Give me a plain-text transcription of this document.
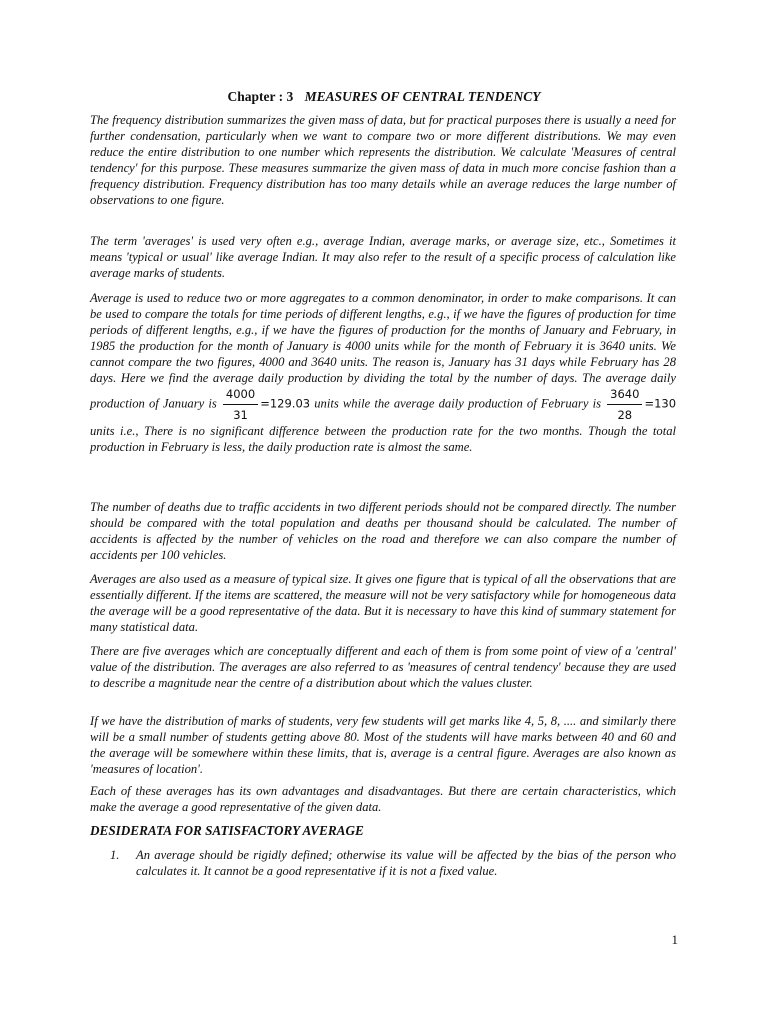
Chapter : 3 MEASURES OF CENTRAL TENDENCY

The frequency distribution summarizes the given mass of data, but for practical purposes there is usually a need for further condensation, particularly when we want to compare two or more different distributions. We may even reduce the entire distribution to one number which represents the distribution. We calculate 'Measures of central tendency' for this purpose. These measures summarize the given mass of data in much more concise fashion than a frequency distribution. Frequency distribution has too many details while an average reduces the large number of observations to one figure.

The term 'averages' is used very often e.g., average Indian, average marks, or average size, etc., Sometimes it means 'typical or usual' like average Indian. It may also refer to the result of a specific process of calculation like average marks of students.

Average is used to reduce two or more aggregates to a common denominator, in order to make comparisons. It can be used to compare the totals for time periods of different lengths, e.g., if we have the figures of production for time periods of different lengths, e.g., if we have the figures of production for the months of January and February, in 1985 the production for the month of January is 4000 units while for the month of February it is 3640 units. We cannot compare the two figures, 4000 and 3640 units. The reason is, January has 31 days while February has 28 days. Here we find the average daily production by dividing the total by the number of days. The average daily production of January is $\frac{4000}{31} =129.03$ units while the average daily production of February is $\frac{3640}{28} =130$ units i.e., There is no significant difference between the production rate for the two months. Though the total production in February is less, the daily production rate is almost the same.

The number of deaths due to traffic accidents in two different periods should not be compared directly. The number should be compared with the total population and deaths per thousand should be calculated. The number of accidents is affected by the number of vehicles on the road and therefore we can also compare the number of accidents per 100 vehicles.

Averages are also used as a measure of typical size. It gives one figure that is typical of all the observations that are essentially different. If the items are scattered, the measure will not be very satisfactory while for homogeneous data the average will be a good representative of the data. But it is necessary to have this kind of summary statement for many statistical data.

There are five averages which are conceptually different and each of them is from some point of view of a 'central' value of the distribution. The averages are also referred to as 'measures of central tendency' because they are used to describe a magnitude near the centre of a distribution about which the values cluster.

If we have the distribution of marks of students, very few students will get marks like 4, 5, 8, .... and similarly there will be a small number of students getting above 80. Most of the students will have marks between 40 and 60 and the average will be somewhere within these limits, that is, average is a central figure. Averages are also known as 'measures of location'.

Each of these averages has its own advantages and disadvantages. But there are certain characteristics, which make the average a good representative of the given data.

DESIDERATA FOR SATISFACTORY AVERAGE
1. An average should be rigidly defined; otherwise its value will be affected by the bias of the person who calculates it. It cannot be a good representative if it is not a fixed value.
1
